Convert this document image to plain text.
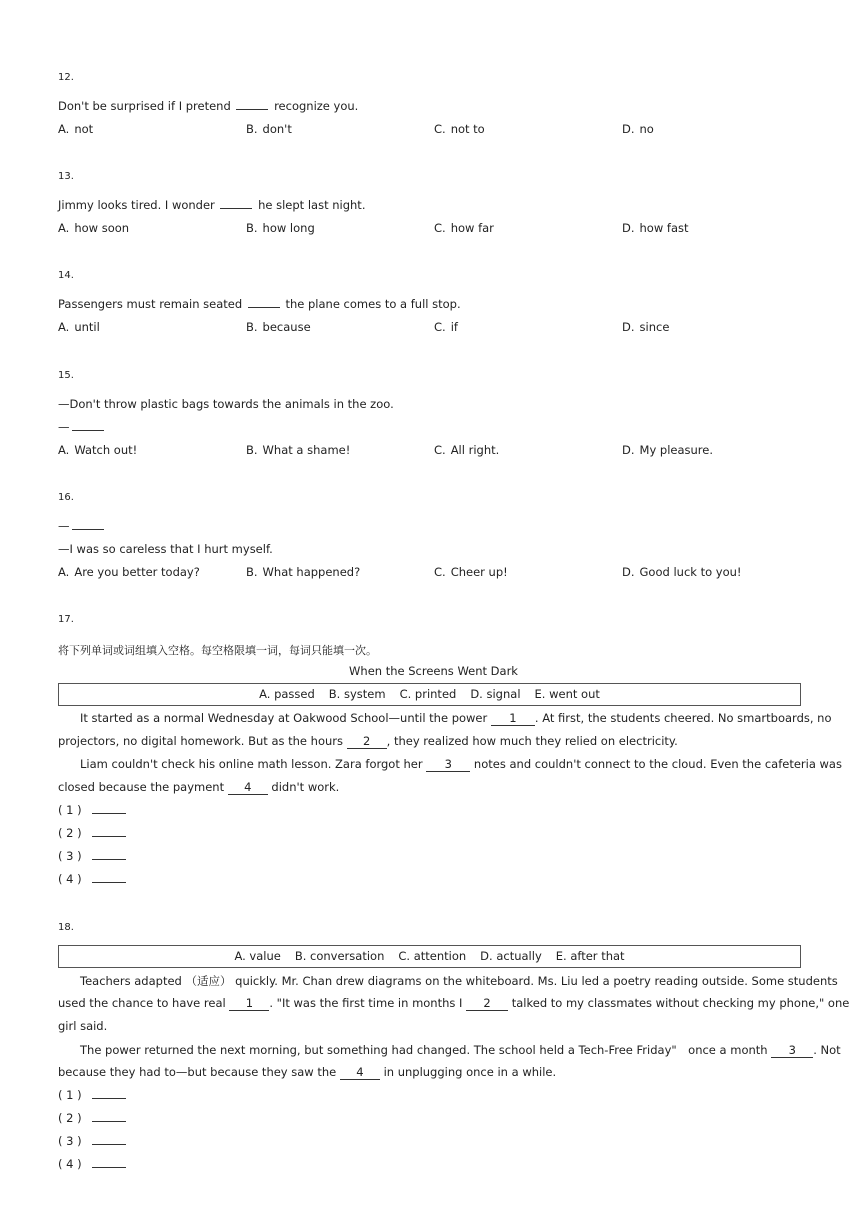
12.
Don't be surprised if I pretend	recognize you.
A. not	B. don't	C. not to	D. no
13.
Jimmy looks tired. I wonder	he slept last night.
A. how soon	B. how long	C. how far	D. how fast
14.
Passengers must remain seated	the plane comes to a full stop.
A. until	B. because	C. if	D. since
15.
—Don't throw plastic bags towards the animals in the zoo.
—
A. Watch out!	B. What a shame!	C. All right.	D. My pleasure.
16.
—
—I was so careless that I hurt myself.
A. Are you better today?	B. What happened?	C. Cheer up!	D. Good luck to you!
17.
将下列单词或词组填入空格。每空格限填一词，每词只能填一次。
When the Screens Went Dark
A. passed B. system C. printed D. signal E. went out
It started as a normal Wednesday at Oakwood School—until the power 1 . At first, the students cheered. No smartboards, no
projectors, no digital homework. But as the hours 2 , they realized how much they relied on electricity.
Liam couldn't check his online math lesson. Zara forgot her 3 notes and couldn't connect to the cloud. Even the cafeteria was
closed because the payment 4 didn't work.
( 1 )
( 2 )
( 3 )
( 4 )
18.
A. value B. conversation C. attention D. actually E. after that
Teachers adapted （适应） quickly. Mr. Chan drew diagrams on the whiteboard. Ms. Liu led a poetry reading outside. Some students
used the chance to have real 1 . "It was the first time in months I 2 talked to my classmates without checking my phone," one
girl said.
The power returned the next morning, but something had changed. The school held a Tech-Free Friday"　once a month 3 . Not
because they had to—but because they saw the 4 in unplugging once in a while.
( 1 )
( 2 )
( 3 )
( 4 )
